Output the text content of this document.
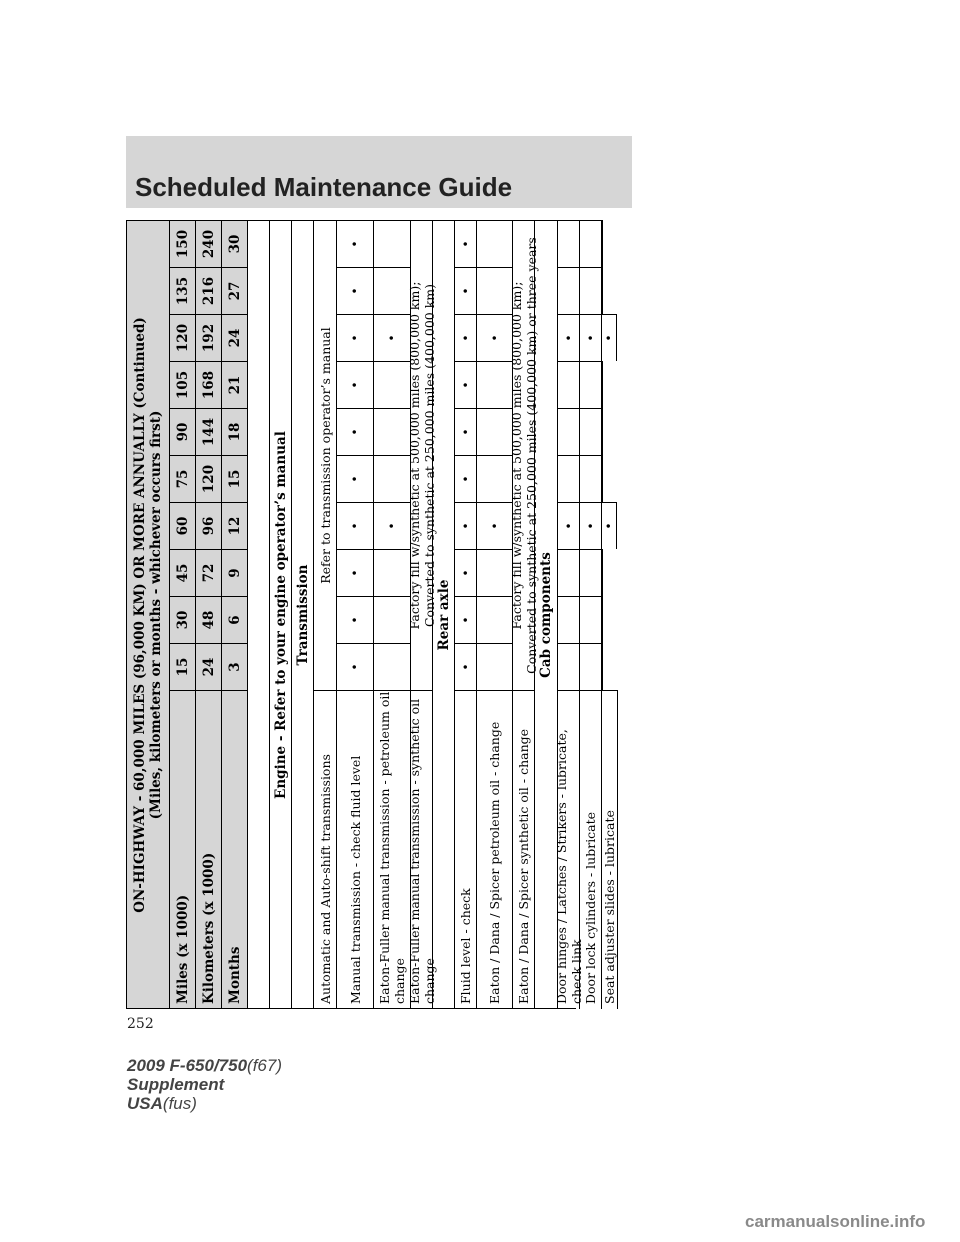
Scheduled Maintenance Guide
ON-HIGHWAY - 60,000 MILES (96,000 KM) OR MORE ANNUALLY (Continued) (Miles, kilometers or months - whichever occurs first)
Miles (x 1000)
15
30
45
60
75
90
105
120
135
150
Kilometers (x 1000)
24
48
72
96
120
144
168
192
216
240
Months
3
6
9
12
15
18
21
24
27
30
Engine - Refer to your engine operator’s manual Transmission
Automatic and Auto-shift transmissions
Refer to transmission operator’s manual
Manual transmission - check fluid level
•
•
•
•
•
•
•
•
•
•
Eaton-Fuller manual transmission - petroleum oil change
•
•
Eaton-Fuller manual transmission - synthetic oil change
Factory fill w/synthetic at 500,000 miles (800,000 km); Converted to synthetic at 250,000 miles (400,000 km) Rear axle
Fluid level - check
•
•
•
•
•
•
•
•
•
•
Eaton / Dana / Spicer petroleum oil - change
•
•
Eaton / Dana / Spicer synthetic oil - change
Factory fill w/synthetic at 500,000 miles (800,000 km); Converted to synthetic at 250,000 miles (400,000 km) or three years Cab components
Door hinges / Latches / Strikers - lubricate, check link
•
•
Door lock cylinders - lubricate
•
•
Seat adjuster slides - lubricate
•
•
252
2009 F-650/750(f67)
Supplement
USA(fus)
carmanualsonline.info
